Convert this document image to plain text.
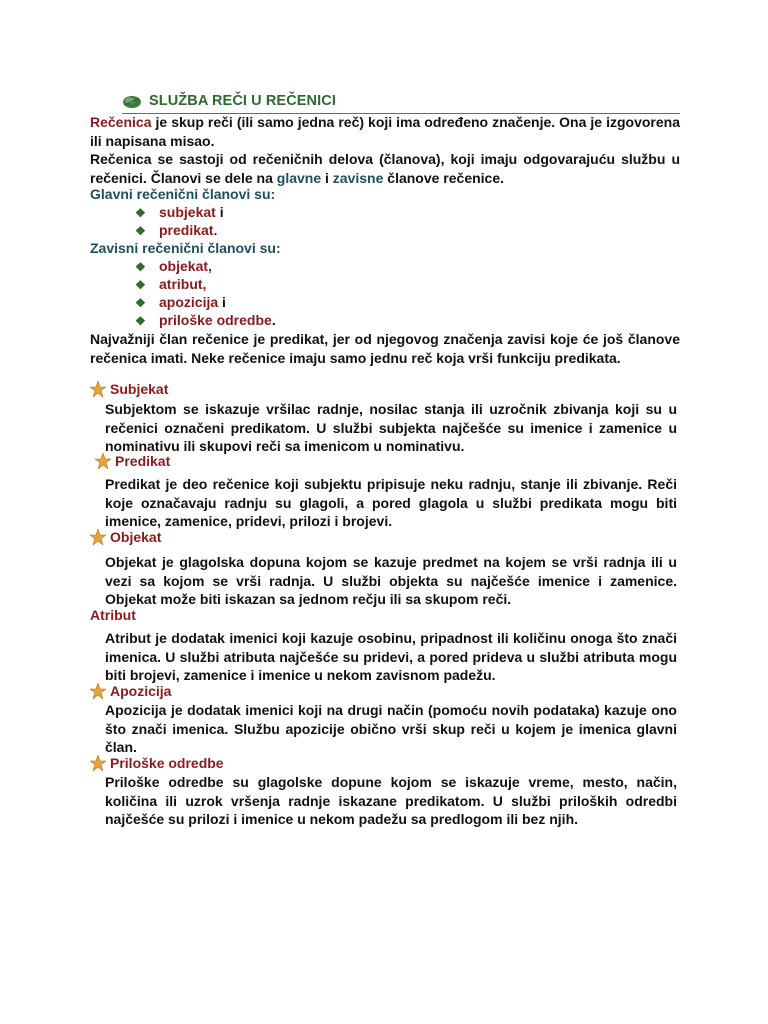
SLUŽBA REČI U REČENICI
Rečenica je skup reči (ili samo jedna reč) koji ima određeno značenje. Ona je izgovorena ili napisana misao.
Rečenica se sastoji od rečeničnih delova (članova), koji imaju odgovarajuću službu u rečenici. Članovi se dele na glavne i zavisne članove rečenice.
Glavni rečenični članovi su:
❖ subjekat i
❖ predikat.
Zavisni rečenični članovi su:
❖ objekat,
❖ atribut,
❖ apozicija i
❖ priloške odredbe.
Najvažniji član rečenice je predikat, jer od njegovog značenja zavisi koje će još članove rečenica imati. Neke rečenice imaju samo jednu reč koja vrši funkciju predikata.
Subjekat
Subjektom se iskazuje vršilac radnje, nosilac stanja ili uzročnik zbivanja koji su u rečenici označeni predikatom. U službi subjekta najčešće su imenice i zamenice u nominativu ili skupovi reči sa imenicom u nominativu.
Predikat
Predikat je deo rečenice koji subjektu pripisuje neku radnju, stanje ili zbivanje. Reči koje označavaju radnju su glagoli, a pored glagola u službi predikata mogu biti imenice, zamenice, pridevi, prilozi i brojevi.
Objekat
Objekat je glagolska dopuna kojom se kazuje predmet na kojem se vrši radnja ili u vezi sa kojom se vrši radnja. U službi objekta su najčešće imenice i zamenice. Objekat može biti iskazan sa jednom rečju ili sa skupom reči.
Atribut
Atribut je dodatak imenici koji kazuje osobinu, pripadnost ili količinu onoga što znači imenica. U službi atributa najčešće su pridevi, a pored prideva u službi atributa mogu biti brojevi, zamenice i imenice u nekom zavisnom padežu.
Apozicija
Apozicija je dodatak imenici koji na drugi način (pomoću novih podataka) kazuje ono što znači imenica. Službu apozicije obično vrši skup reči u kojem je imenica glavni član.
Priloške odredbe
Priloške odredbe su glagolske dopune kojom se iskazuje vreme, mesto, način, količina ili uzrok vršenja radnje iskazane predikatom. U službi priloških odredbi najčešće su prilozi i imenice u nekom padežu sa predlogom ili bez njih.
